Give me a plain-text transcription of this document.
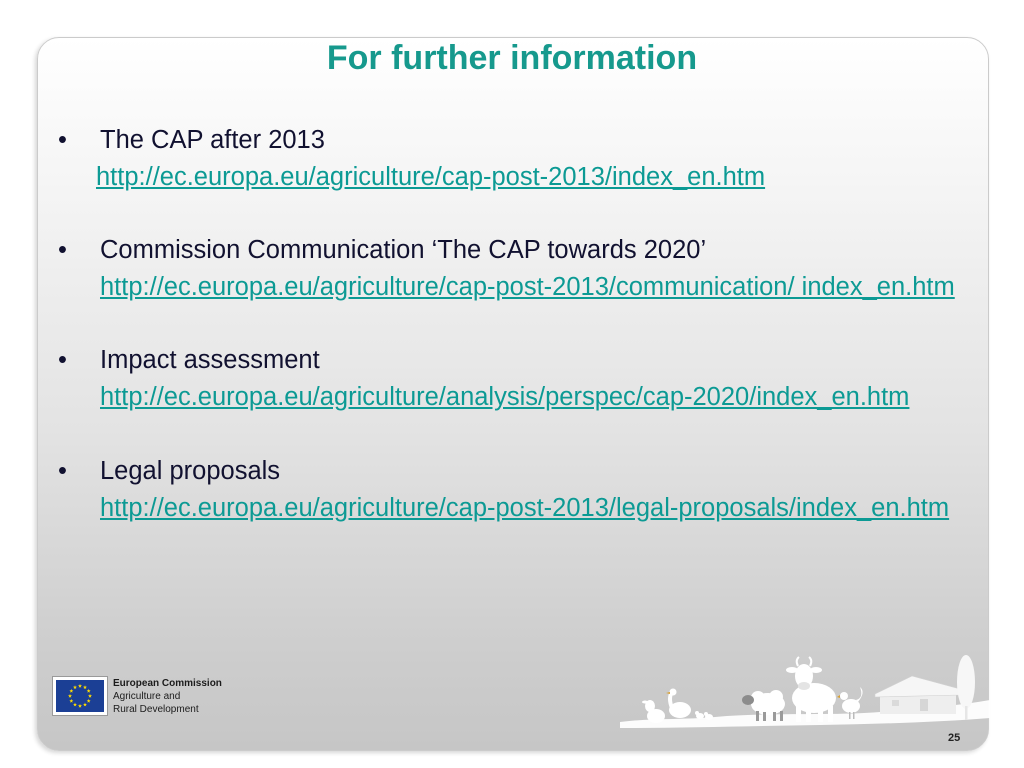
For further information
• The CAP after 2013
http://ec.europa.eu/agriculture/cap-post-2013/index_en.htm
• Commission Communication ‘The CAP towards 2020’
http://ec.europa.eu/agriculture/cap-post-2013/communication/ index_en.htm
• Impact assessment
http://ec.europa.eu/agriculture/analysis/perspec/cap-2020/index_en.htm
• Legal proposals
http://ec.europa.eu/agriculture/cap-post-2013/legal-proposals/index_en.htm
European Commission
Agriculture and
Rural Development
25
